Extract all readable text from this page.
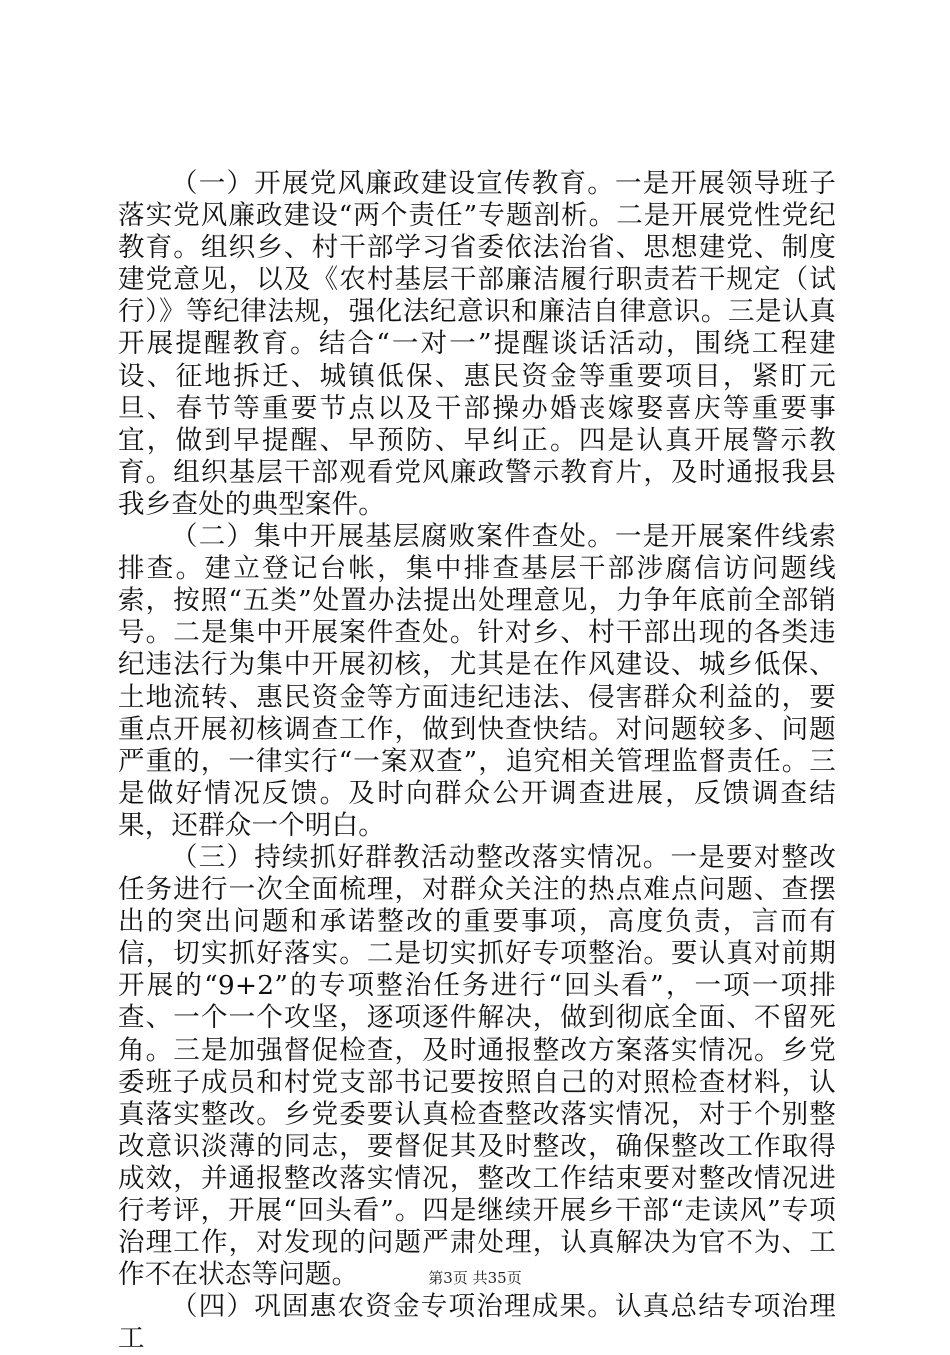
（一）开展党风廉政建设宣传教育。一是开展领导班子落实党风廉政建设“两个责任”专题剖析。二是开展党性党纪教育。组织乡、村干部学习省委依法治省、思想建党、制度建党意见，以及《农村基层干部廉洁履行职责若干规定（试行）》等纪律法规，强化法纪意识和廉洁自律意识。三是认真开展提醒教育。结合“一对一”提醒谈话活动，围绕工程建设、征地拆迁、城镇低保、惠民资金等重要项目，紧盯元旦、春节等重要节点以及干部操办婚丧嫁娶喜庆等重要事宜，做到早提醒、早预防、早纠正。四是认真开展警示教育。组织基层干部观看党风廉政警示教育片，及时通报我县我乡查处的典型案件。

（二）集中开展基层腐败案件查处。一是开展案件线索排查。建立登记台帐，集中排查基层干部涉腐信访问题线索，按照“五类”处置办法提出处理意见，力争年底前全部销号。二是集中开展案件查处。针对乡、村干部出现的各类违纪违法行为集中开展初核，尤其是在作风建设、城乡低保、土地流转、惠民资金等方面违纪违法、侵害群众利益的，要重点开展初核调查工作，做到快查快结。对问题较多、问题严重的，一律实行“一案双查”，追究相关管理监督责任。三是做好情况反馈。及时向群众公开调查进展，反馈调查结果，还群众一个明白。

（三）持续抓好群教活动整改落实情况。一是要对整改任务进行一次全面梳理，对群众关注的热点难点问题、查摆出的突出问题和承诺整改的重要事项，高度负责，言而有信，切实抓好落实。二是切实抓好专项整治。要认真对前期开展的“9+2”的专项整治任务进行“回头看”，一项一项排查、一个一个攻坚，逐项逐件解决，做到彻底全面、不留死角。三是加强督促检查，及时通报整改方案落实情况。乡党委班子成员和村党支部书记要按照自己的对照检查材料，认真落实整改。乡党委要认真检查整改落实情况，对于个别整改意识淡薄的同志，要督促其及时整改，确保整改工作取得成效，并通报整改落实情况，整改工作结束要对整改情况进行考评，开展“回头看”。四是继续开展乡干部“走读风”专项治理工作，对发现的问题严肃处理，认真解决为官不为、工作不在状态等问题。

（四）巩固惠农资金专项治理成果。认真总结专项治理工

第3页 共35页
